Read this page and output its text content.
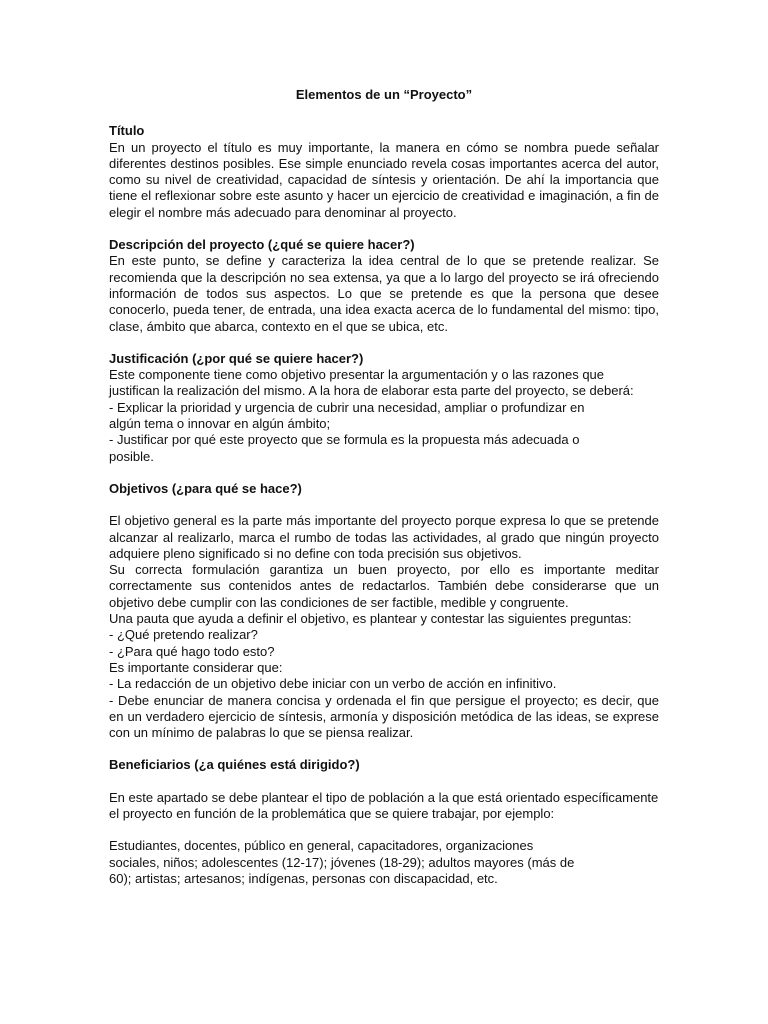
Elementos de un “Proyecto”

Título

En un proyecto el título es muy importante, la manera en cómo se nombra puede señalar diferentes destinos posibles. Ese simple enunciado revela cosas importantes acerca del autor, como su nivel de creatividad, capacidad de síntesis y orientación. De ahí la importancia que tiene el reflexionar sobre este asunto y hacer un ejercicio de creatividad e imaginación, a fin de elegir el nombre más adecuado para denominar al proyecto.

Descripción del proyecto (¿qué se quiere hacer?)

En este punto, se define y caracteriza la idea central de lo que se pretende realizar. Se recomienda que la descripción no sea extensa, ya que a lo largo del proyecto se irá ofreciendo información de todos sus aspectos. Lo que se pretende es que la persona que desee conocerlo, pueda tener, de entrada, una idea exacta acerca de lo fundamental del mismo: tipo, clase, ámbito que abarca, contexto en el que se ubica, etc.

Justificación (¿por qué se quiere hacer?)

Este componente tiene como objetivo presentar la argumentación y o las razones que

justifican la realización del mismo. A la hora de elaborar esta parte del proyecto, se deberá:

- Explicar la prioridad y urgencia de cubrir una necesidad, ampliar o profundizar en

algún tema o innovar en algún ámbito;

- Justificar por qué este proyecto que se formula es la propuesta más adecuada o

posible.

Objetivos (¿para qué se hace?)

El objetivo general es la parte más importante del proyecto porque expresa lo que se pretende alcanzar al realizarlo, marca el rumbo de todas las actividades, al grado que ningún proyecto adquiere pleno significado si no define con toda precisión sus objetivos.

Su correcta formulación garantiza un buen proyecto, por ello es importante meditar correctamente sus contenidos antes de redactarlos. También debe considerarse que un objetivo debe cumplir con las condiciones de ser factible, medible y congruente.

Una pauta que ayuda a definir el objetivo, es plantear y contestar las siguientes preguntas:

- ¿Qué pretendo realizar?

- ¿Para qué hago todo esto?

Es importante considerar que:

- La redacción de un objetivo debe iniciar con un verbo de acción en infinitivo.

- Debe enunciar de manera concisa y ordenada el fin que persigue el proyecto; es decir, que en un verdadero ejercicio de síntesis, armonía y disposición metódica de las ideas, se exprese con un mínimo de palabras lo que se piensa realizar.

Beneficiarios (¿a quiénes está dirigido?)

En este apartado se debe plantear el tipo de población a la que está orientado específicamente el proyecto en función de la problemática que se quiere trabajar, por ejemplo:

Estudiantes, docentes, público en general, capacitadores, organizaciones

sociales, niños; adolescentes (12-17); jóvenes (18-29); adultos mayores (más de

60); artistas; artesanos; indígenas, personas con discapacidad, etc.
